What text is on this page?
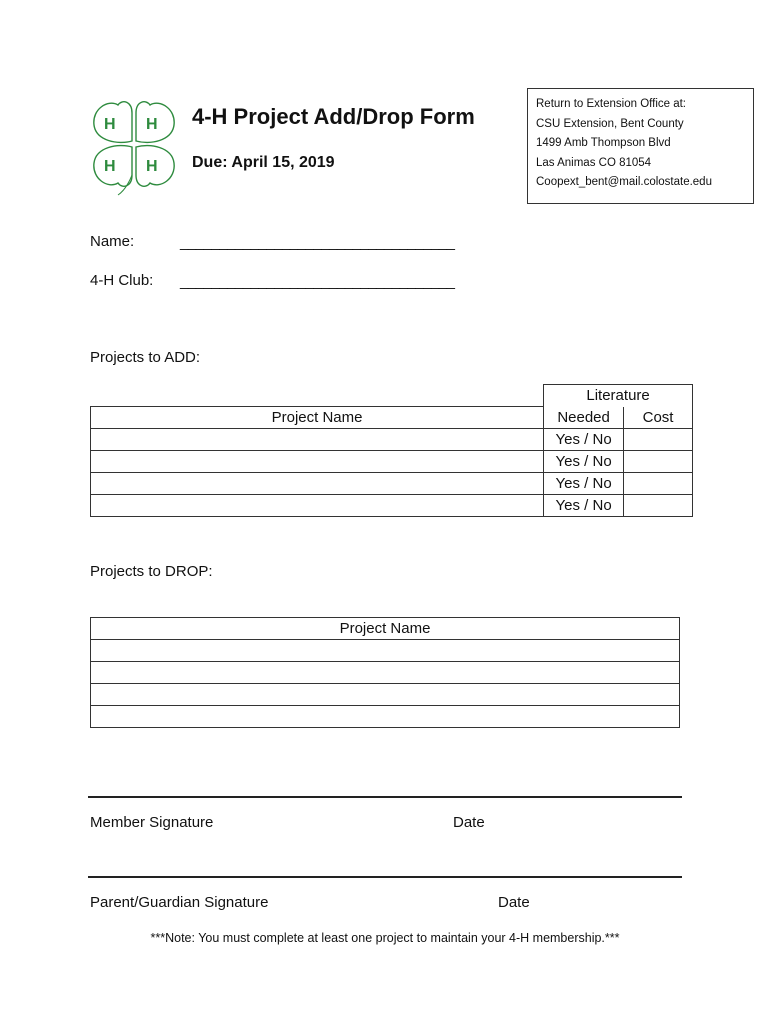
H H
H H
4-H Project Add/Drop Form
Due: April 15, 2019
Return to Extension Office at:
CSU Extension, Bent County
1499 Amb Thompson Blvd
Las Animas CO 81054
Coopext_bent@mail.colostate.edu
Name:	___________________________________
4-H Club: ___________________________________
Projects to ADD:
	Literature	
Project Name	Needed	Cost
	Yes / No	
	Yes / No	
	Yes / No	
	Yes / No	
Projects to DROP:
Project Name

Member Signature	Date
Parent/Guardian Signature	Date
***Note: You must complete at least one project to maintain your 4-H membership.***
